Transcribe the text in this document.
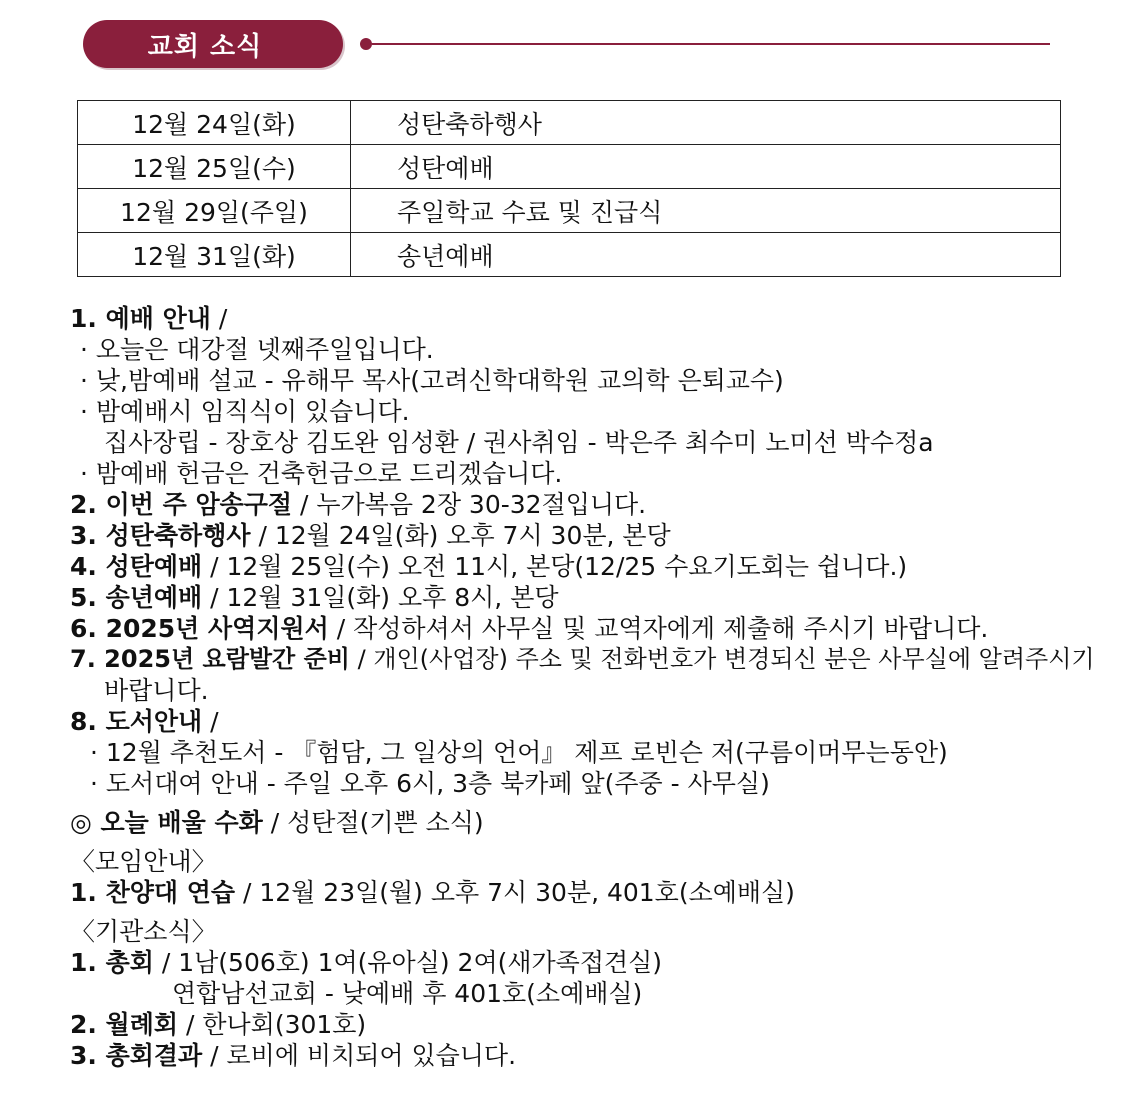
교회 소식
12월 24일(화)	성탄축하행사
12월 25일(수)	성탄예배
12월 29일(주일)	주일학교 수료 및 진급식
12월 31일(화)	송년예배
1. 예배 안내 /
· 오늘은 대강절 넷째주일입니다.
· 낮,밤예배 설교 - 유해무 목사(고려신학대학원 교의학 은퇴교수)
· 밤예배시 임직식이 있습니다.
집사장립 - 장호상 김도완 임성환 / 권사취임 - 박은주 최수미 노미선 박수정a
· 밤예배 헌금은 건축헌금으로 드리겠습니다.
2. 이번 주 암송구절 / 누가복음 2장 30-32절입니다.
3. 성탄축하행사 / 12월 24일(화) 오후 7시 30분, 본당
4. 성탄예배 / 12월 25일(수) 오전 11시, 본당(12/25 수요기도회는 쉽니다.)
5. 송년예배 / 12월 31일(화) 오후 8시, 본당
6. 2025년 사역지원서 / 작성하셔서 사무실 및 교역자에게 제출해 주시기 바랍니다.
7. 2025년 요람발간 준비 / 개인(사업장) 주소 및 전화번호가 변경되신 분은 사무실에 알려주시기
바랍니다.
8. 도서안내 /
· 12월 추천도서 - 『험담, 그 일상의 언어』 제프 로빈슨 저(구름이머무는동안)
· 도서대여 안내 - 주일 오후 6시, 3층 북카페 앞(주중 - 사무실)
◎ 오늘 배울 수화 / 성탄절(기쁜 소식)
〈모임안내〉
1. 찬양대 연습 / 12월 23일(월) 오후 7시 30분, 401호(소예배실)
〈기관소식〉
1. 총회 / 1남(506호) 1여(유아실) 2여(새가족접견실)
연합남선교회 - 낮예배 후 401호(소예배실)
2. 월례회 / 한나회(301호)
3. 총회결과 / 로비에 비치되어 있습니다.
